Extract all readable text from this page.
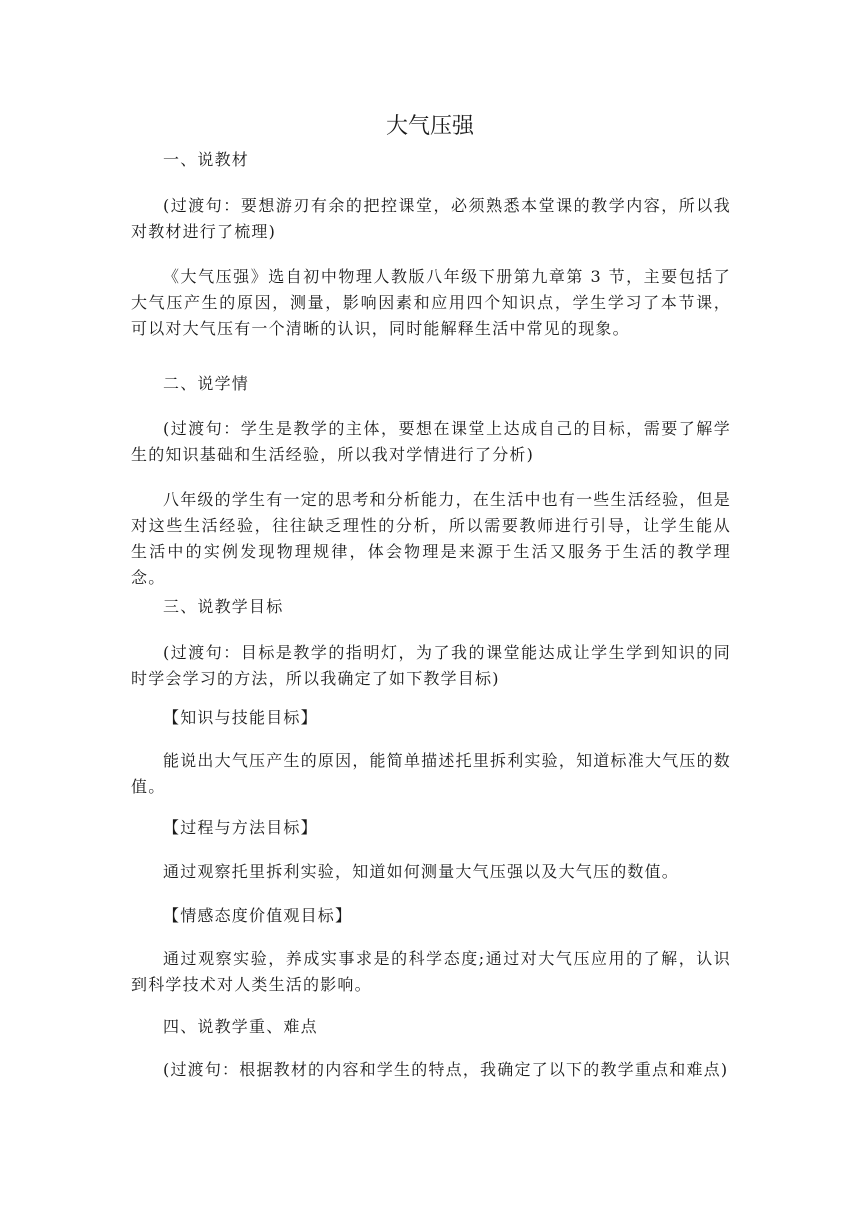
大气压强

一、说教材

(过渡句：要想游刃有余的把控课堂，必须熟悉本堂课的教学内容，所以我对教材进行了梳理)

《大气压强》选自初中物理人教版八年级下册第九章第 3 节，主要包括了大气压产生的原因，测量，影响因素和应用四个知识点，学生学习了本节课，可以对大气压有一个清晰的认识，同时能解释生活中常见的现象。

二、说学情

(过渡句：学生是教学的主体，要想在课堂上达成自己的目标，需要了解学生的知识基础和生活经验，所以我对学情进行了分析)

八年级的学生有一定的思考和分析能力，在生活中也有一些生活经验，但是对这些生活经验，往往缺乏理性的分析，所以需要教师进行引导，让学生能从生活中的实例发现物理规律，体会物理是来源于生活又服务于生活的教学理念。

三、说教学目标

(过渡句：目标是教学的指明灯，为了我的课堂能达成让学生学到知识的同时学会学习的方法，所以我确定了如下教学目标)

【知识与技能目标】

能说出大气压产生的原因，能简单描述托里拆利实验，知道标准大气压的数值。

【过程与方法目标】

通过观察托里拆利实验，知道如何测量大气压强以及大气压的数值。

【情感态度价值观目标】

通过观察实验，养成实事求是的科学态度;通过对大气压应用的了解，认识到科学技术对人类生活的影响。

四、说教学重、难点

(过渡句：根据教材的内容和学生的特点，我确定了以下的教学重点和难点)
